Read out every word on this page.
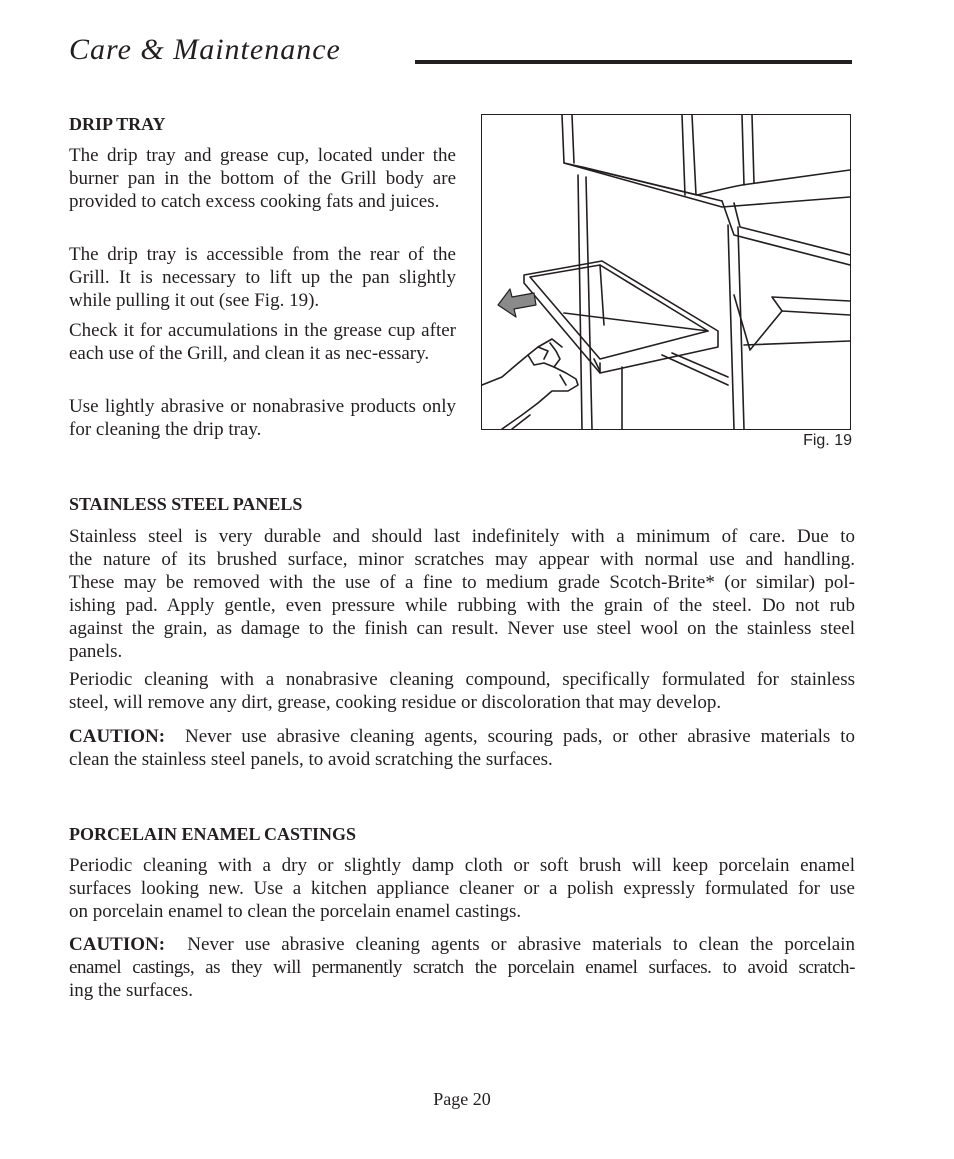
Care & Maintenance
DRIP TRAY

The drip tray and grease cup, located under the burner pan in the bottom of the Grill body are provided to catch excess cooking fats and juices.

The drip tray is accessible from the rear of the Grill. It is necessary to lift up the pan slightly while pulling it out (see Fig. 19).

Check it for accumulations in the grease cup after each use of the Grill, and clean it as nec-essary.

Use lightly abrasive or nonabrasive products only for cleaning the drip tray.

Fig. 19
STAINLESS STEEL PANELS
Stainless steel is very durable and should last indefinitely with a minimum of care. Due to
the nature of its brushed surface, minor scratches may appear with normal use and handling.
These may be removed with the use of a fine to medium grade Scotch-Brite* (or similar) pol-
ishing pad. Apply gentle, even pressure while rubbing with the grain of the steel. Do not rub
against the grain, as damage to the finish can result. Never use steel wool on the stainless steel
panels.
Periodic cleaning with a nonabrasive cleaning compound, specifically formulated for stainless
steel, will remove any dirt, grease, cooking residue or discoloration that may develop.
CAUTION: Never use abrasive cleaning agents, scouring pads, or other abrasive materials to
clean the stainless steel panels, to avoid scratching the surfaces.
PORCELAIN ENAMEL CASTINGS
Periodic cleaning with a dry or slightly damp cloth or soft brush will keep porcelain enamel
surfaces looking new. Use a kitchen appliance cleaner or a polish expressly formulated for use
on porcelain enamel to clean the porcelain enamel castings.
CAUTION: Never use abrasive cleaning agents or abrasive materials to clean the porcelain
enamel castings, as they will permanently scratch the porcelain enamel surfaces. to avoid scratch-
ing the surfaces.
Page 20
